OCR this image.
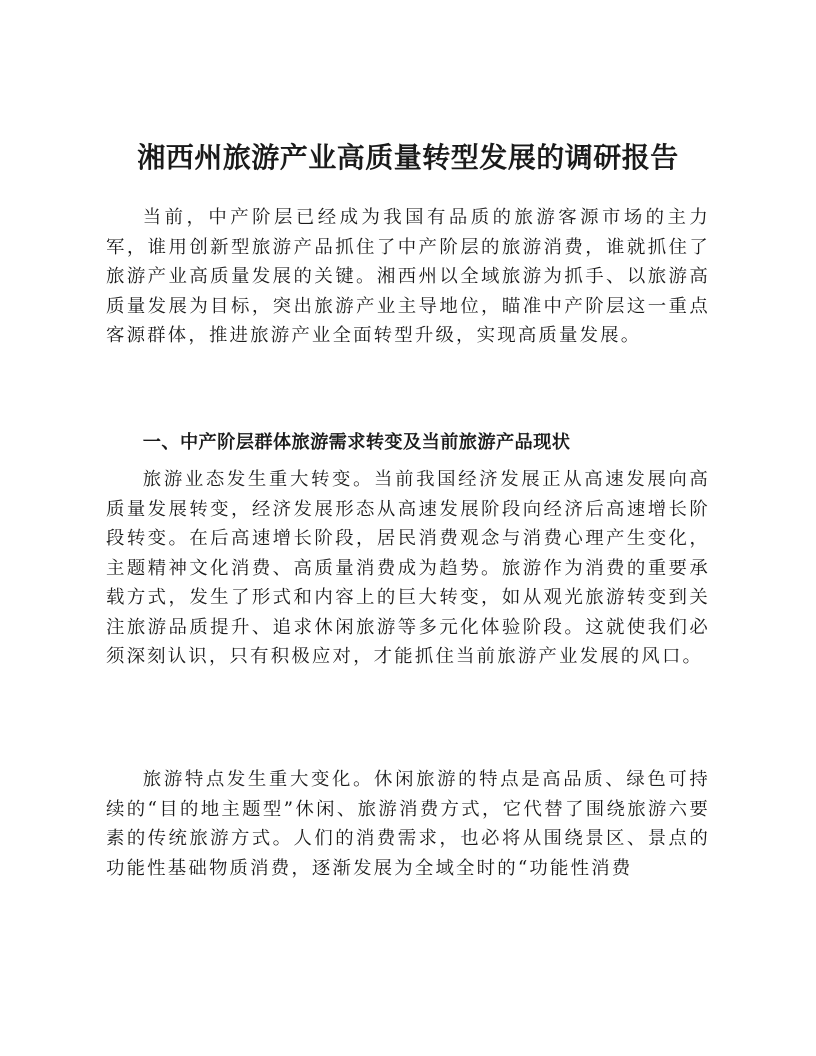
湘西州旅游产业高质量转型发展的调研报告

当前，中产阶层已经成为我国有品质的旅游客源市场的主力军，谁用创新型旅游产品抓住了中产阶层的旅游消费，谁就抓住了旅游产业高质量发展的关键。湘西州以全域旅游为抓手、以旅游高质量发展为目标，突出旅游产业主导地位，瞄准中产阶层这一重点客源群体，推进旅游产业全面转型升级，实现高质量发展。

一、中产阶层群体旅游需求转变及当前旅游产品现状

旅游业态发生重大转变。当前我国经济发展正从高速发展向高质量发展转变，经济发展形态从高速发展阶段向经济后高速增长阶段转变。在后高速增长阶段，居民消费观念与消费心理产生变化，主题精神文化消费、高质量消费成为趋势。旅游作为消费的重要承载方式，发生了形式和内容上的巨大转变，如从观光旅游转变到关注旅游品质提升、追求休闲旅游等多元化体验阶段。这就使我们必须深刻认识，只有积极应对，才能抓住当前旅游产业发展的风口。

旅游特点发生重大变化。休闲旅游的特点是高品质、绿色可持续的“目的地主题型”休闲、旅游消费方式，它代替了围绕旅游六要素的传统旅游方式。人们的消费需求，也必将从围绕景区、景点的功能性基础物质消费，逐渐发展为全域全时的“功能性消费
